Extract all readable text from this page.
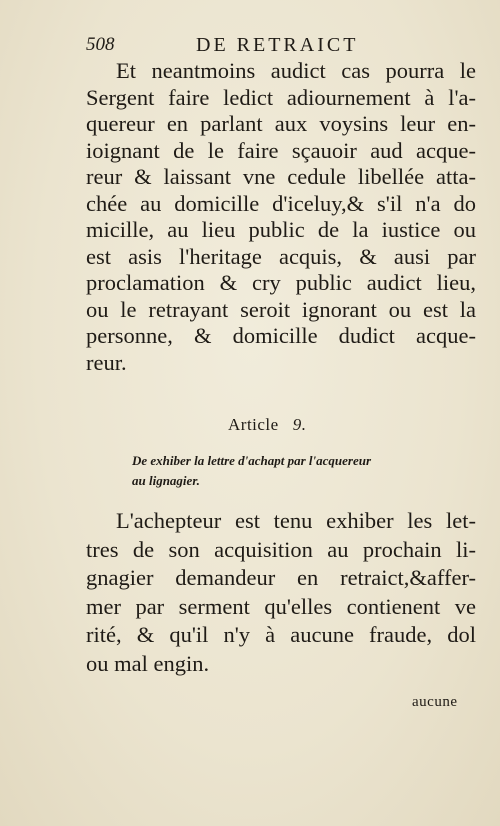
508	DE RETRAICT
Et neantmoins audict cas pourra le
Sergent faire ledict adiournement à l'a-
quereur en parlant aux voysins leur en-
ioignant de le faire sçauoir aud acque-
reur & laissant vne cedule libellée atta-
chée au domicille d'iceluy,& s'il n'a do
micille, au lieu public de la iustice ou
est asis l'heritage acquis, & ausi par
proclamation & cry public audict lieu,
ou le retrayant seroit ignorant ou est la
personne, & domicille dudict acque-
reur.
Article 9.
De exhiber la lettre d'achapt par l'acquereur
au lignagier.
L'achepteur est tenu exhiber les let-
tres de son acquisition au prochain li-
gnagier demandeur en retraict,&affer-
mer par serment qu'elles contienent ve
rité, & qu'il n'y à aucune fraude, dol
ou mal engin.
aucune
